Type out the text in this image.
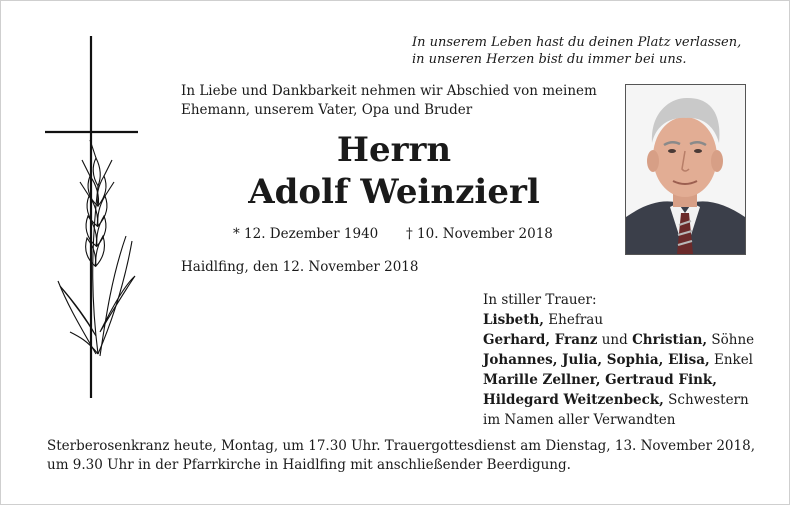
In unserem Leben hast du deinen Platz verlassen,
in unseren Herzen bist du immer bei uns.
In Liebe und Dankbarkeit nehmen wir Abschied von meinem
Ehemann, unserem Vater, Opa und Bruder
Herrn
Adolf Weinzierl
* 12. Dezember 1940 † 10. November 2018
Haidlfing, den 12. November 2018
In stiller Trauer:
Lisbeth, Ehefrau
Gerhard, Franz und Christian, Söhne
Johannes, Julia, Sophia, Elisa, Enkel
Marille Zellner, Gertraud Fink,
Hildegard Weitzenbeck, Schwestern
im Namen aller Verwandten
Sterberosenkranz heute, Montag, um 17.30 Uhr. Trauergottesdienst am Dienstag, 13. November 2018,
um 9.30 Uhr in der Pfarrkirche in Haidlfing mit anschließender Beerdigung.
